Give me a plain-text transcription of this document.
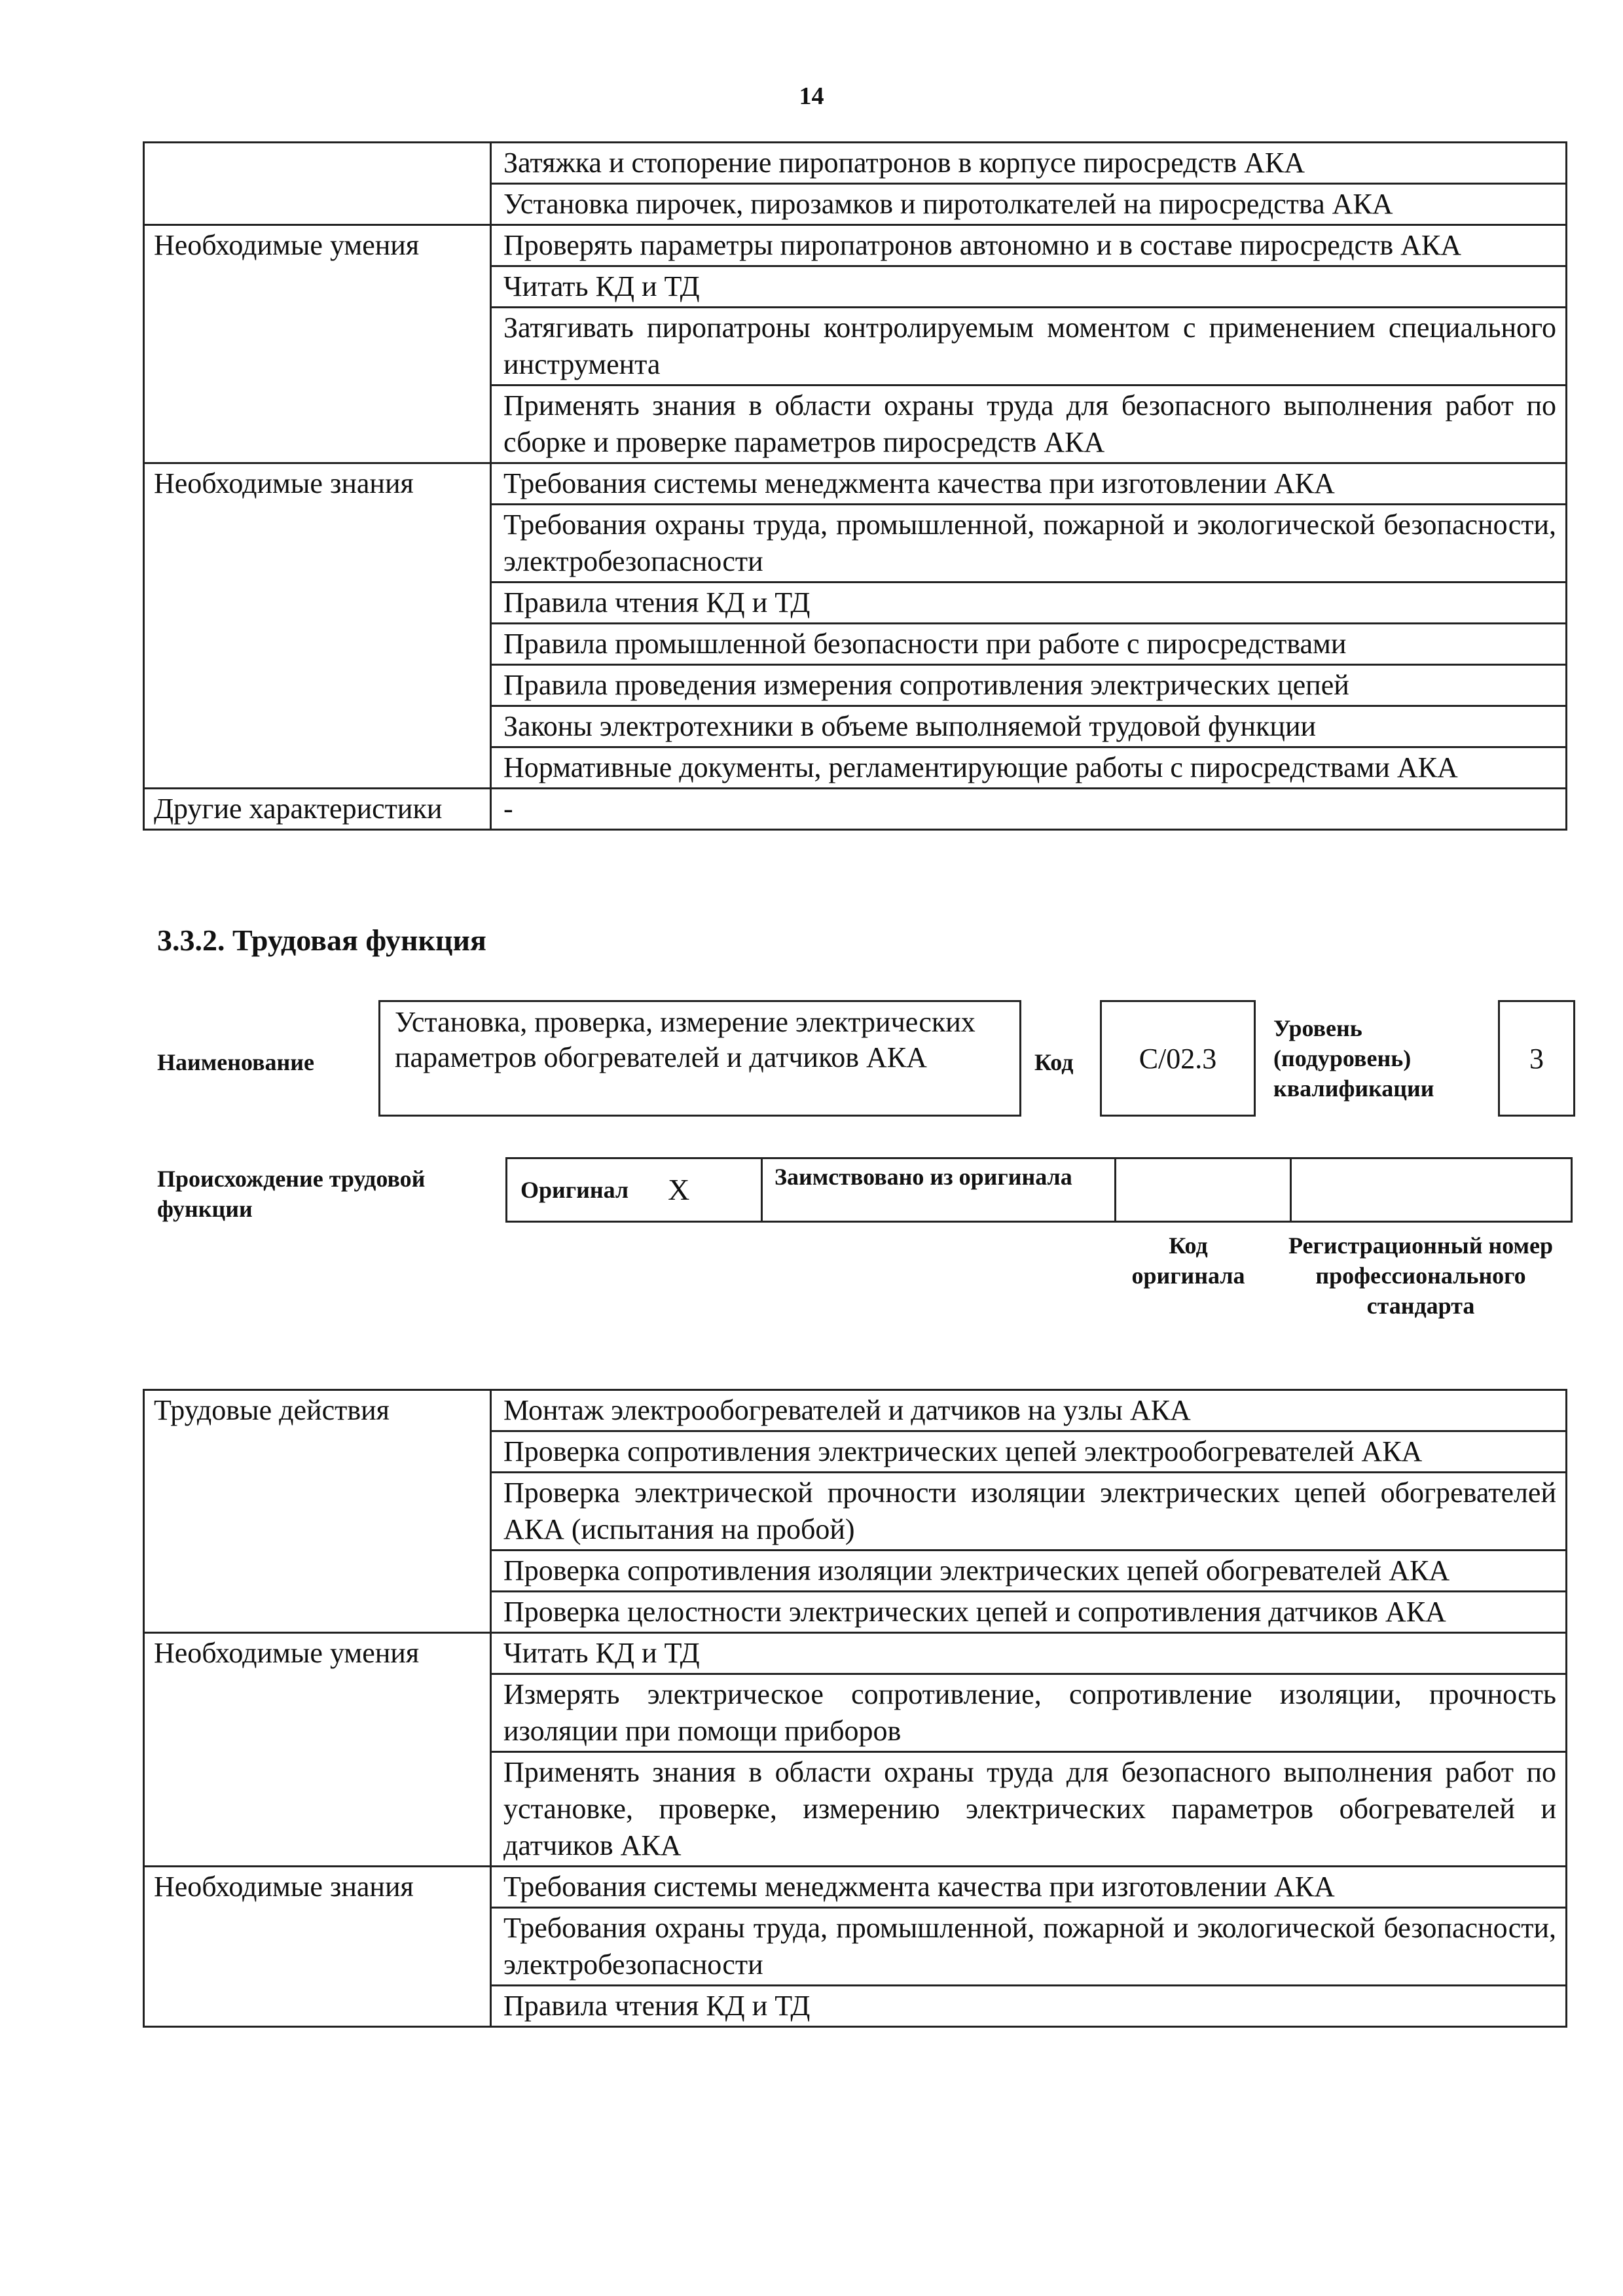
14
	Затяжка и стопорение пиропатронов в корпусе пиросредств АКА
	Установка пирочек, пирозамков и пиротолкателей на пиросредства АКА
Необходимые умения	Проверять параметры пиропатронов автономно и в составе пиросредств АКА
	Читать КД и ТД
	Затягивать пиропатроны контролируемым моментом с применением специального инструмента
	Применять знания в области охраны труда для безопасного выполнения работ по сборке и проверке параметров пиросредств АКА
Необходимые знания	Требования системы менеджмента качества при изготовлении АКА
	Требования охраны труда, промышленной, пожарной и экологической безопасности, электробезопасности
	Правила чтения КД и ТД
	Правила промышленной безопасности при работе с пиросредствами
	Правила проведения измерения сопротивления электрических цепей
	Законы электротехники в объеме выполняемой трудовой функции
	Нормативные документы, регламентирующие работы с пиросредствами АКА
Другие характеристики	-
3.3.2. Трудовая функция
Наименование
Установка, проверка, измерение электрических параметров обогревателей и датчиков АКА	Код	C/02.3
Уровень (подуровень) квалификации
3
Происхождение трудовой функции
Оригинал X	Заимствовано из оригинала
Код оригинала
Регистрационный номер профессионального стандарта
Трудовые действия	Монтаж электрообогревателей и датчиков на узлы АКА
	Проверка сопротивления электрических цепей электрообогревателей АКА
	Проверка электрической прочности изоляции электрических цепей обогревателей АКА (испытания на пробой)
	Проверка сопротивления изоляции электрических цепей обогревателей АКА
	Проверка целостности электрических цепей и сопротивления датчиков АКА
Необходимые умения	Читать КД и ТД
	Измерять электрическое сопротивление, сопротивление изоляции, прочность изоляции при помощи приборов
	Применять знания в области охраны труда для безопасного выполнения работ по установке, проверке, измерению электрических параметров обогревателей и датчиков АКА
Необходимые знания	Требования системы менеджмента качества при изготовлении АКА
	Требования охраны труда, промышленной, пожарной и экологической безопасности, электробезопасности
	Правила чтения КД и ТД
